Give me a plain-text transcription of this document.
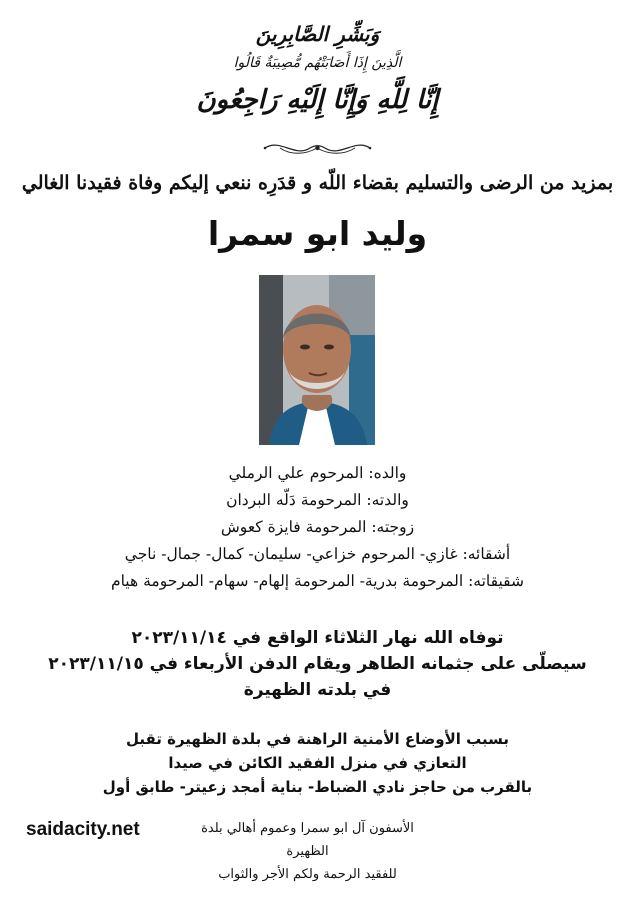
وَبَشِّرِ الصَّابِرِينَ
الَّذِينَ إِذَا أَصَابَتْهُم مُّصِيبَةٌ قَالُوا
إِنَّا لِلَّهِ وَإِنَّا إِلَيْهِ رَاجِعُونَ
بمزيد من الرضى والتسليم بقضاء اللّه و قدَرِه ننعي إليكم وفاة فقيدنا الغالي
وليد ابو سمرا
والده: المرحوم علي الرملي
والدته: المرحومة دَلّه البردان
زوجته: المرحومة فايزة كعوش
أشقائه: غازي- المرحوم خزاعي- سليمان- كمال- جمال- ناجي
شقيقاته: المرحومة بدرية- المرحومة إلهام- سهام- المرحومة هيام
توفاه الله نهار الثلاثاء الواقع في ٢٠٢٣/١١/١٤
سيصلّى على جثمانه الطاهر ويقام الدفن الأربعاء في ٢٠٢٣/١١/١٥
في بلدته الظهيرة
بسبب الأوضاع الأمنية الراهنة في بلدة الظهيرة تقبل
التعازي في منزل الفقيد الكائن في صيدا
بالقرب من حاجز نادي الضباط- بناية أمجد زعيتر- طابق أول
saidacity.net	الأسفون آل ابو سمرا وعموم أهالي بلدة الظهيرة
للفقيد الرحمة ولكم الأجر والثواب
